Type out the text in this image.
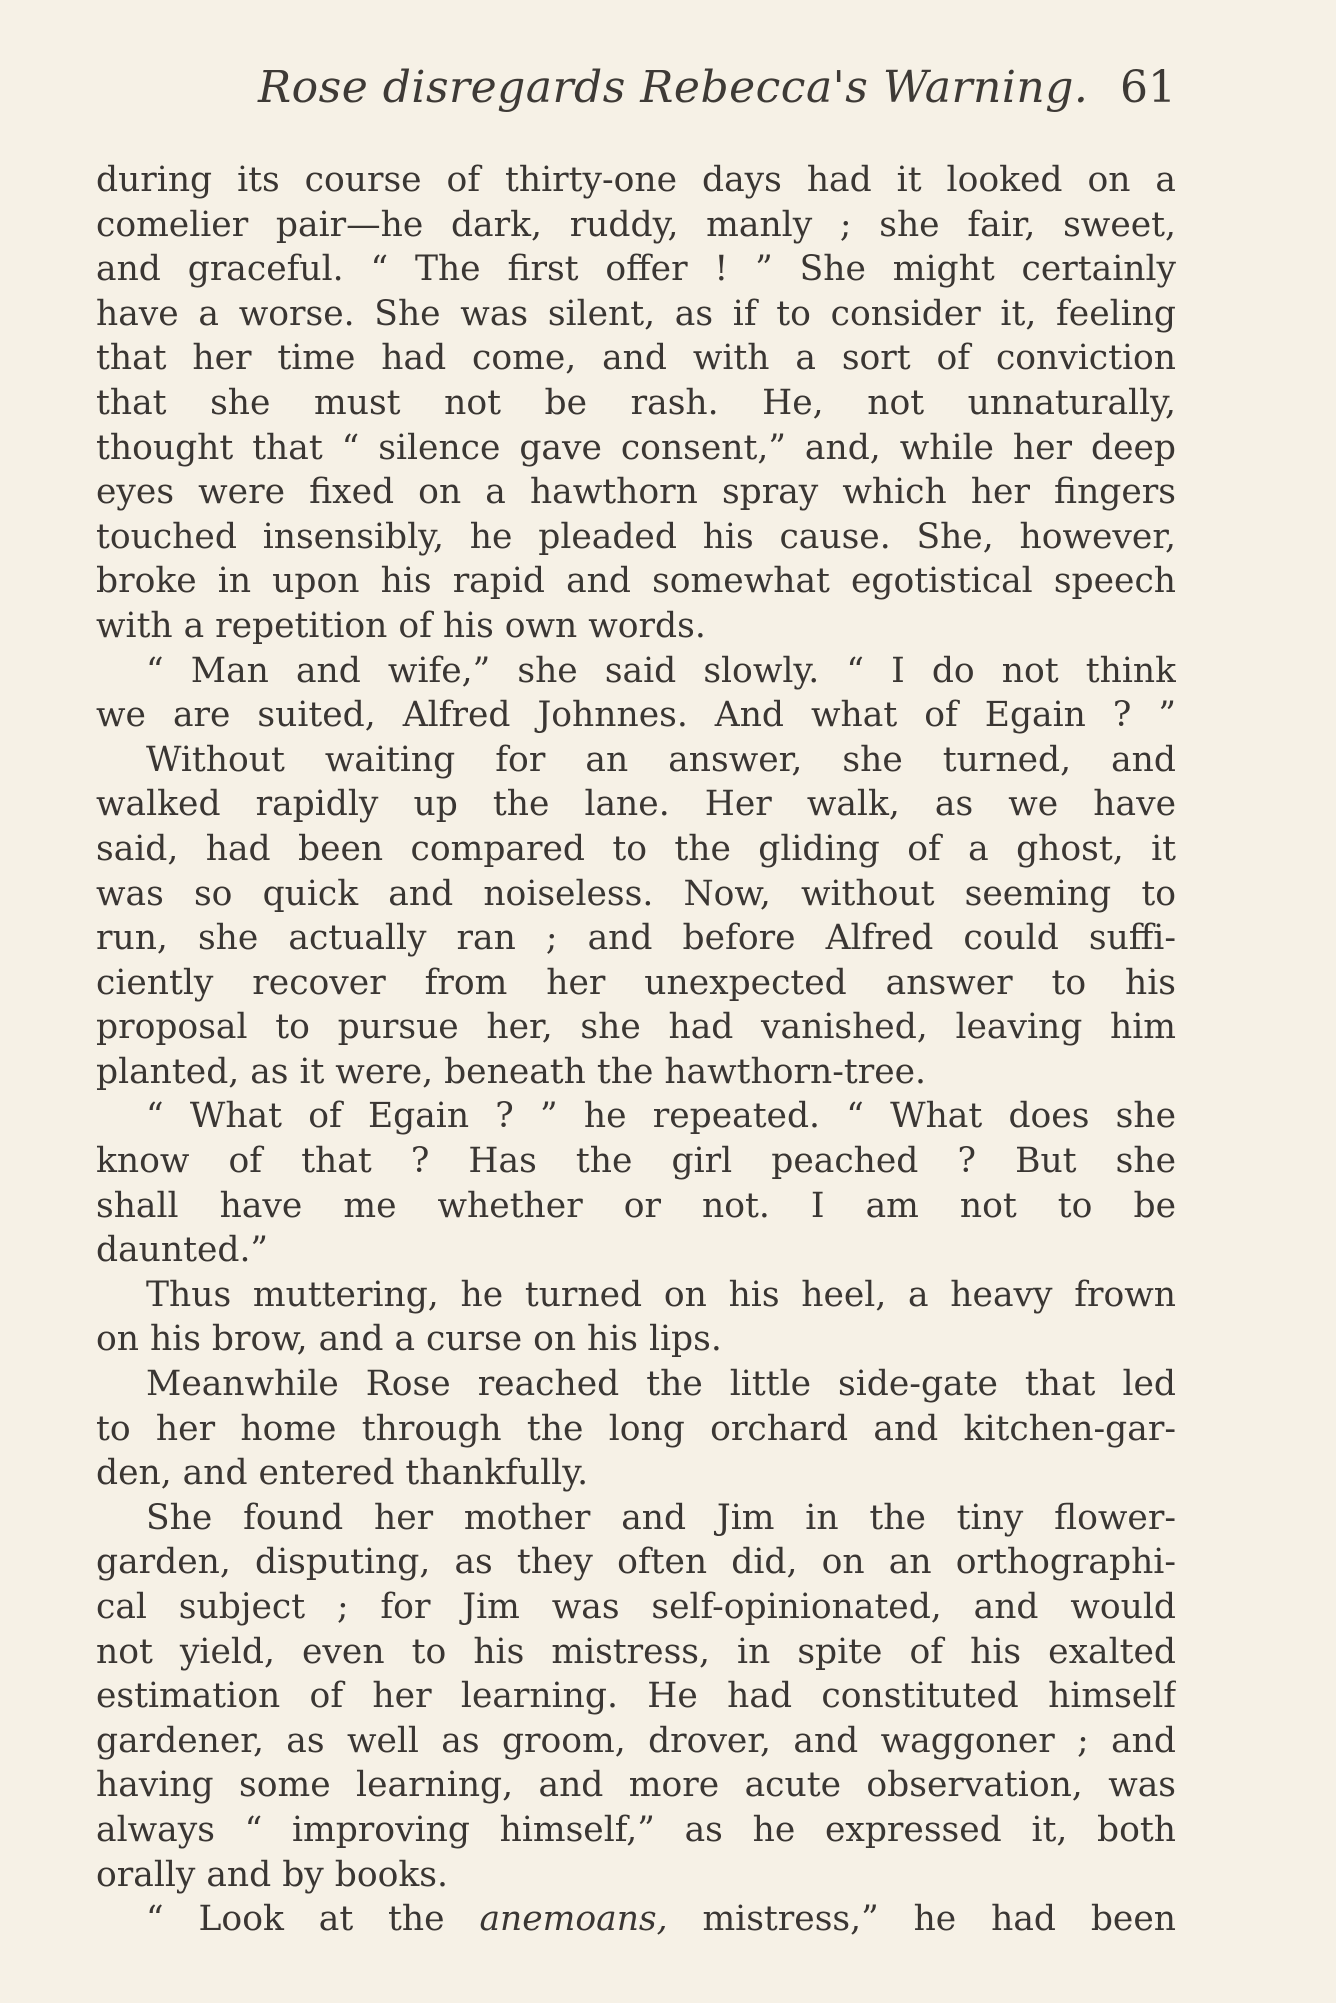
Rose disregards Rebecca's Warning. 61
during its course of thirty-one days had it looked on a
comelier pair—he dark, ruddy, manly ; she fair, sweet,
and graceful. “ The first offer ! ” She might certainly
have a worse. She was silent, as if to consider it, feeling
that her time had come, and with a sort of conviction
that she must not be rash. He, not unnaturally,
thought that “ silence gave consent,” and, while her deep
eyes were fixed on a hawthorn spray which her fingers
touched insensibly, he pleaded his cause. She, however,
broke in upon his rapid and somewhat egotistical speech
with a repetition of his own words.
“ Man and wife,” she said slowly. “ I do not think
we are suited, Alfred Johnnes. And what of Egain ? ”
Without waiting for an answer, she turned, and
walked rapidly up the lane. Her walk, as we have
said, had been compared to the gliding of a ghost, it
was so quick and noiseless. Now, without seeming to
run, she actually ran ; and before Alfred could suffi-
ciently recover from her unexpected answer to his
proposal to pursue her, she had vanished, leaving him
planted, as it were, beneath the hawthorn-tree.
“ What of Egain ? ” he repeated. “ What does she
know of that ? Has the girl peached ? But she
shall have me whether or not. I am not to be
daunted.”
Thus muttering, he turned on his heel, a heavy frown
on his brow, and a curse on his lips.
Meanwhile Rose reached the little side-gate that led
to her home through the long orchard and kitchen-gar-
den, and entered thankfully.
She found her mother and Jim in the tiny flower-
garden, disputing, as they often did, on an orthographi-
cal subject ; for Jim was self-opinionated, and would
not yield, even to his mistress, in spite of his exalted
estimation of her learning. He had constituted himself
gardener, as well as groom, drover, and waggoner ; and
having some learning, and more acute observation, was
always “ improving himself,” as he expressed it, both
orally and by books.
“ Look at the anemoans, mistress,” he had been
